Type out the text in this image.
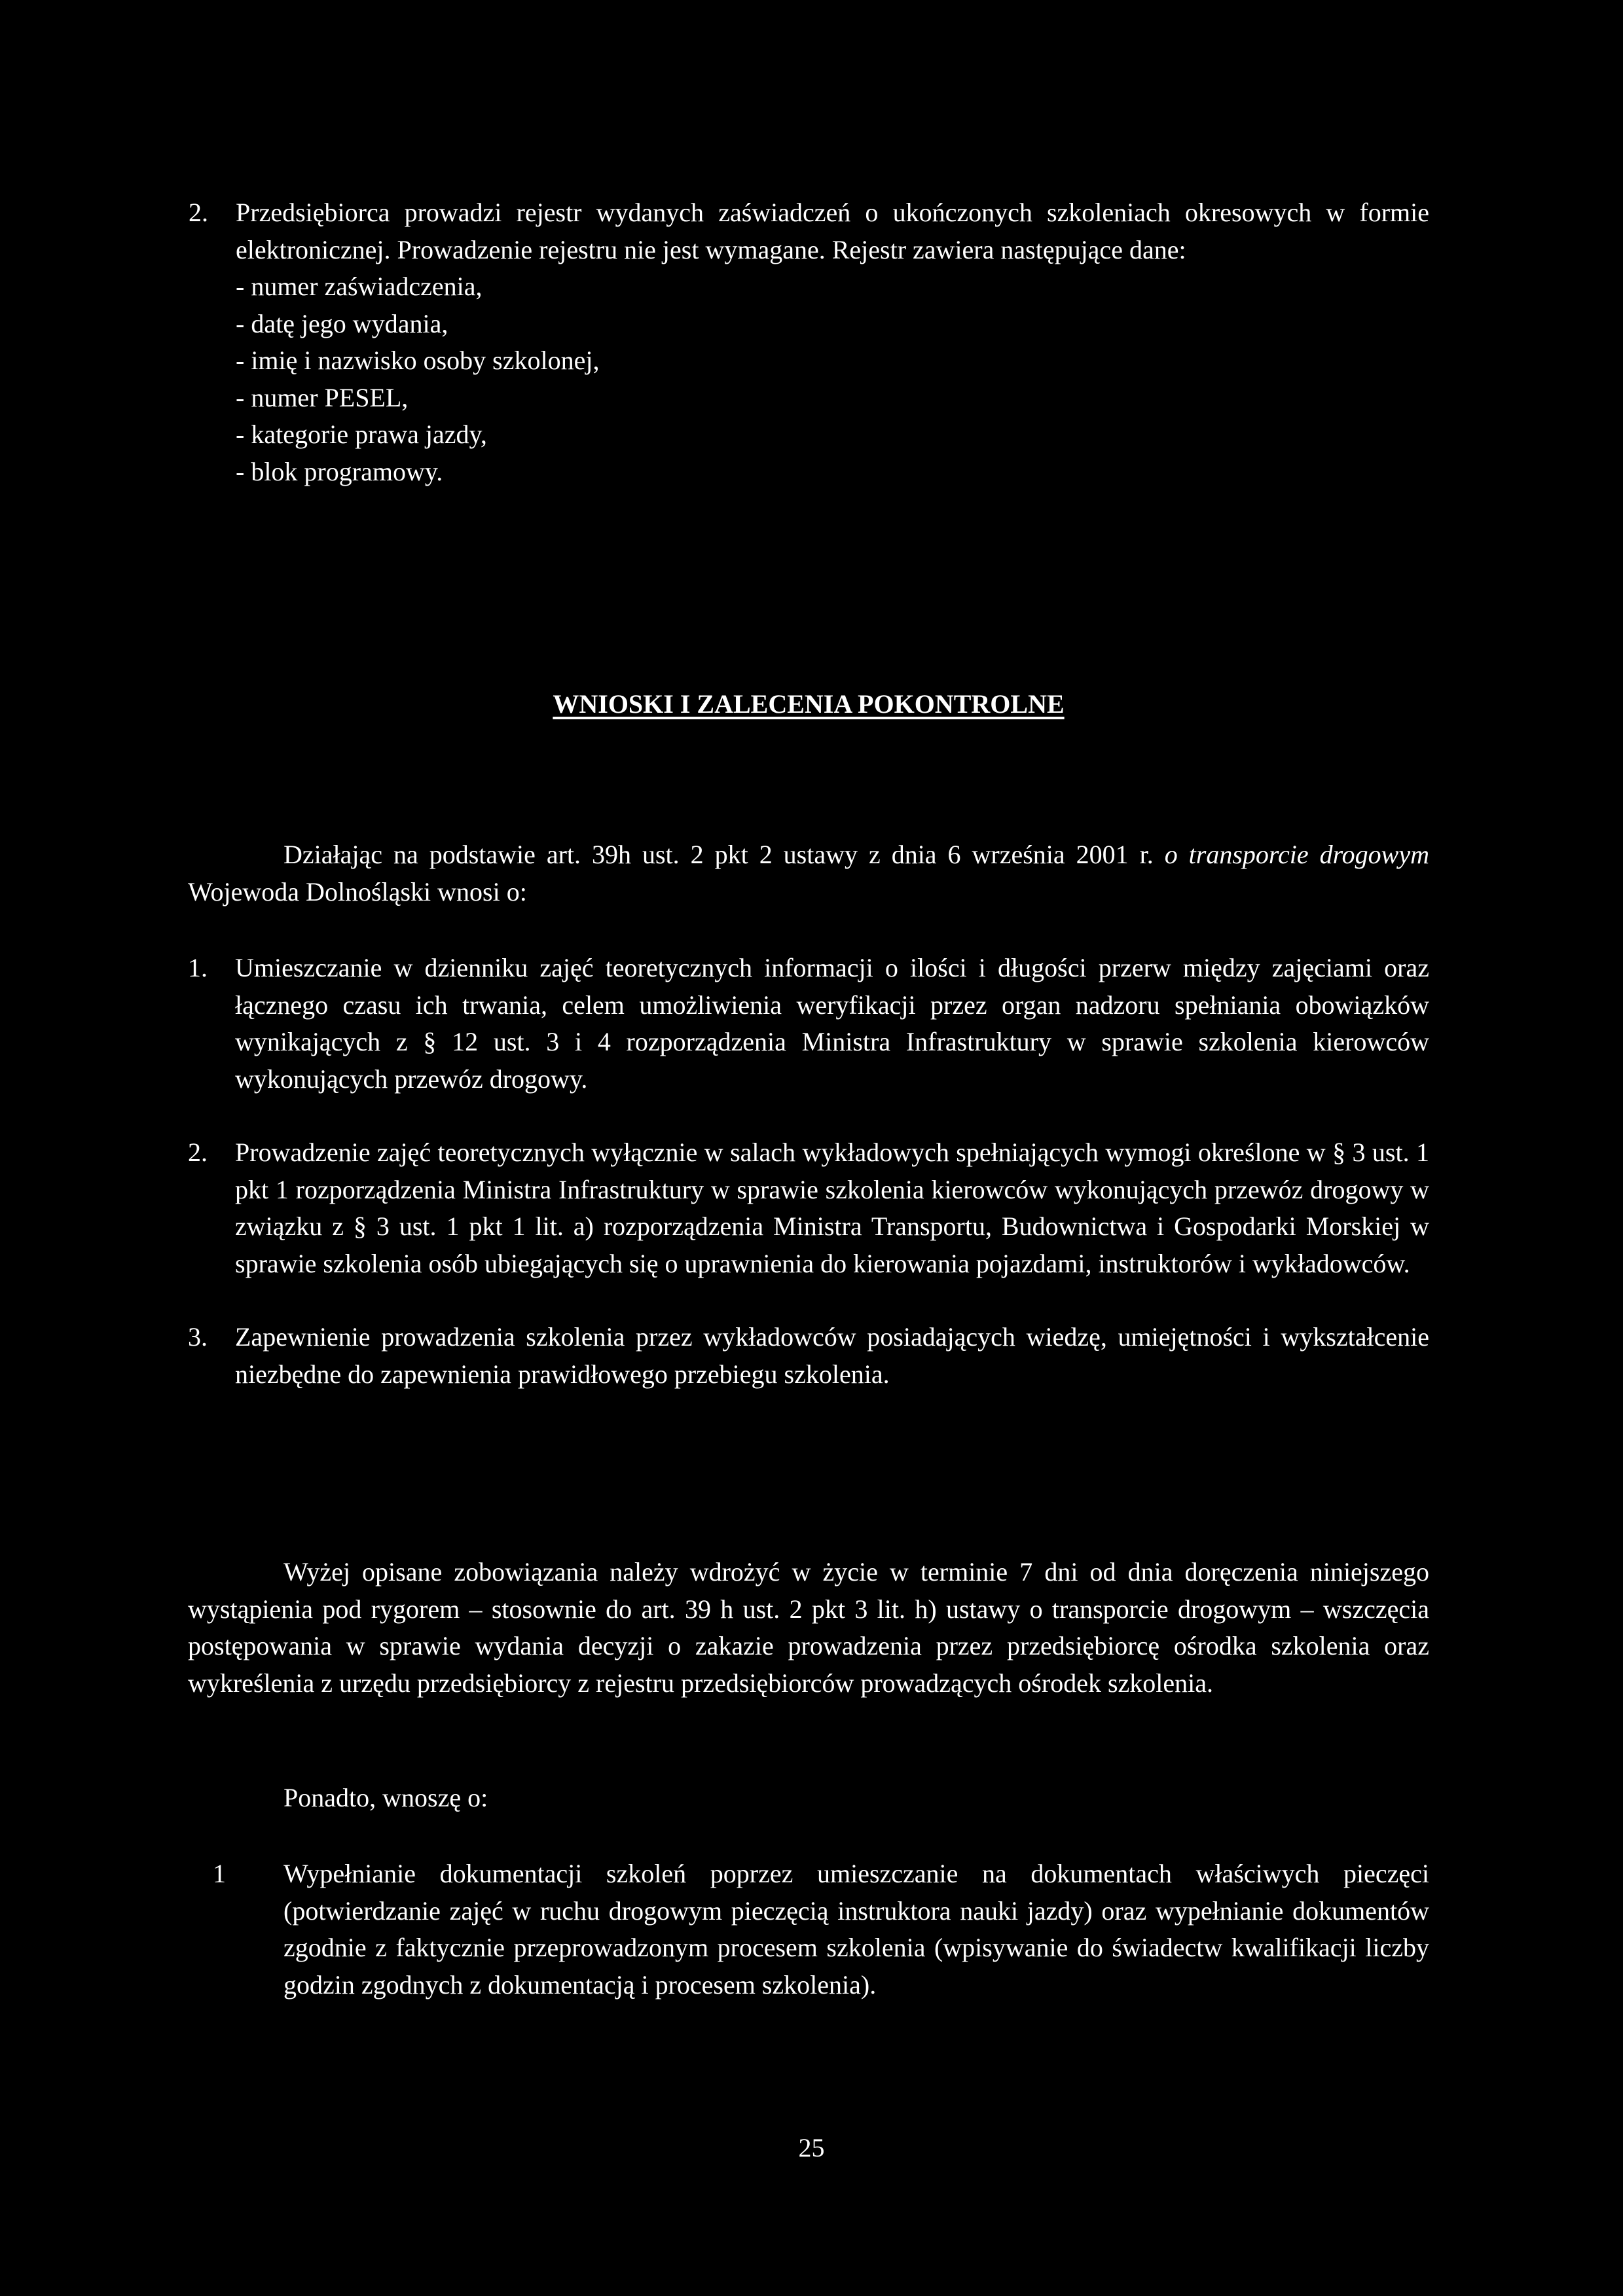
2. Przedsiębiorca prowadzi rejestr wydanych zaświadczeń o ukończonych szkoleniach okresowych w formie elektronicznej. Prowadzenie rejestru nie jest wymagane. Rejestr zawiera następujące dane:
- numer zaświadczenia,
- datę jego wydania,
- imię i nazwisko osoby szkolonej,
- numer PESEL,
- kategorie prawa jazdy,
- blok programowy.
WNIOSKI I ZALECENIA POKONTROLNE
Działając na podstawie art. 39h ust. 2 pkt 2 ustawy z dnia 6 września 2001 r. o transporcie drogowym Wojewoda Dolnośląski wnosi o:
1. Umieszczanie w dzienniku zajęć teoretycznych informacji o ilości i długości przerw między zajęciami oraz łącznego czasu ich trwania, celem umożliwienia weryfikacji przez organ nadzoru spełniania obowiązków wynikających z § 12 ust. 3 i 4 rozporządzenia Ministra Infrastruktury w sprawie szkolenia kierowców wykonujących przewóz drogowy.
2. Prowadzenie zajęć teoretycznych wyłącznie w salach wykładowych spełniających wymogi określone w § 3 ust. 1 pkt 1 rozporządzenia Ministra Infrastruktury w sprawie szkolenia kierowców wykonujących przewóz drogowy w związku z § 3 ust. 1 pkt 1 lit. a) rozporządzenia Ministra Transportu, Budownictwa i Gospodarki Morskiej w sprawie szkolenia osób ubiegających się o uprawnienia do kierowania pojazdami, instruktorów i wykładowców.
3. Zapewnienie prowadzenia szkolenia przez wykładowców posiadających wiedzę, umiejętności i wykształcenie niezbędne do zapewnienia prawidłowego przebiegu szkolenia.
Wyżej opisane zobowiązania należy wdrożyć w życie w terminie 7 dni od dnia doręczenia niniejszego wystąpienia pod rygorem – stosownie do art. 39 h ust. 2 pkt 3 lit. h) ustawy o transporcie drogowym – wszczęcia postępowania w sprawie wydania decyzji o zakazie prowadzenia przez przedsiębiorcę ośrodka szkolenia oraz wykreślenia z urzędu przedsiębiorcy z rejestru przedsiębiorców prowadzących ośrodek szkolenia.
Ponadto, wnoszę o:
1 Wypełnianie dokumentacji szkoleń poprzez umieszczanie na dokumentach właściwych pieczęci (potwierdzanie zajęć w ruchu drogowym pieczęcią instruktora nauki jazdy) oraz wypełnianie dokumentów zgodnie z faktycznie przeprowadzonym procesem szkolenia (wpisywanie do świadectw kwalifikacji liczby godzin zgodnych z dokumentacją i procesem szkolenia).
25
